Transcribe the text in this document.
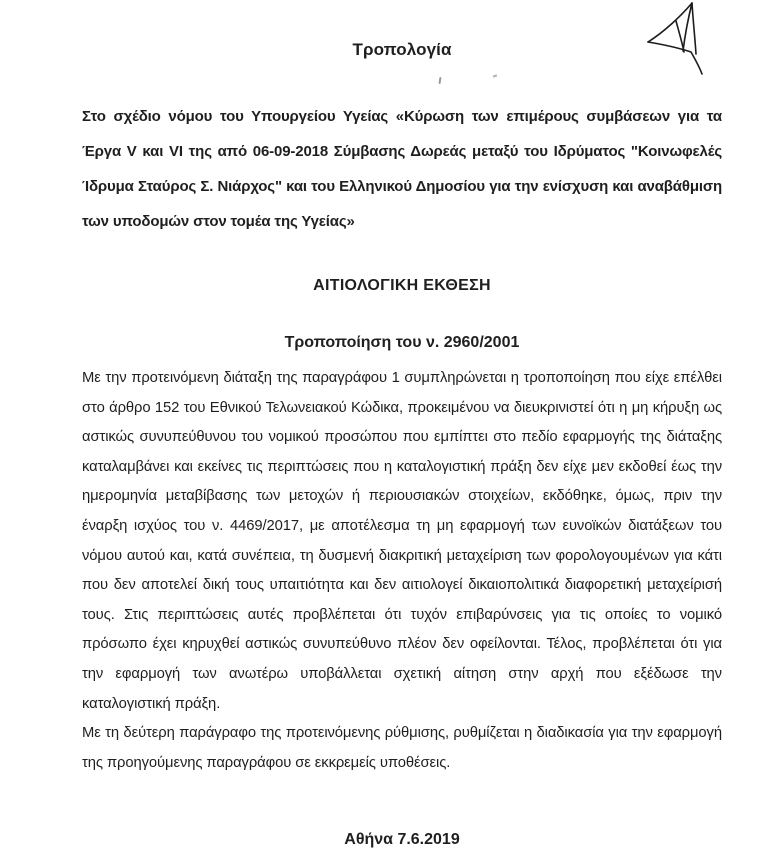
Τροπολογία

Στο σχέδιο νόμου του Υπουργείου Υγείας «Κύρωση των επιμέρους συμβάσεων για τα Έργα V και VI της από 06-09-2018 Σύμβασης Δωρεάς μεταξύ του Ιδρύματος "Κοινωφελές Ίδρυμα Σταύρος Σ. Νιάρχος" και του Ελληνικού Δημοσίου για την ενίσχυση και αναβάθμιση των υποδομών στον τομέα της Υγείας»

ΑΙΤΙΟΛΟΓΙΚΗ ΕΚΘΕΣΗ
Τροποποίηση του ν. 2960/2001

Με την προτεινόμενη διάταξη της παραγράφου 1 συμπληρώνεται η τροποποίηση που είχε επέλθει στο άρθρο 152 του Εθνικού Τελωνειακού Κώδικα, προκειμένου να διευκρινιστεί ότι η μη κήρυξη ως αστικώς συνυπεύθυνου του νομικού προσώπου που εμπίπτει στο πεδίο εφαρμογής της διάταξης καταλαμβάνει και εκείνες τις περιπτώσεις που η καταλογιστική πράξη δεν είχε μεν εκδοθεί έως την ημερομηνία μεταβίβασης των μετοχών ή περιουσιακών στοιχείων, εκδόθηκε, όμως, πριν την έναρξη ισχύος του ν. 4469/2017, με αποτέλεσμα τη μη εφαρμογή των ευνοϊκών διατάξεων του νόμου αυτού και, κατά συνέπεια, τη δυσμενή διακριτική μεταχείριση των φορολογουμένων για κάτι που δεν αποτελεί δική τους υπαιτιότητα και δεν αιτιολογεί δικαιοπολιτικά διαφορετική μεταχείρισή τους. Στις περιπτώσεις αυτές προβλέπεται ότι τυχόν επιβαρύνσεις για τις οποίες το νομικό πρόσωπο έχει κηρυχθεί αστικώς συνυπεύθυνο πλέον δεν οφείλονται. Τέλος, προβλέπεται ότι για την εφαρμογή των ανωτέρω υποβάλλεται σχετική αίτηση στην αρχή που εξέδωσε την καταλογιστική πράξη.

Με τη δεύτερη παράγραφο της προτεινόμενης ρύθμισης, ρυθμίζεται η διαδικασία για την εφαρμογή της προηγούμενης παραγράφου σε εκκρεμείς υποθέσεις.

Αθήνα 7.6.2019
